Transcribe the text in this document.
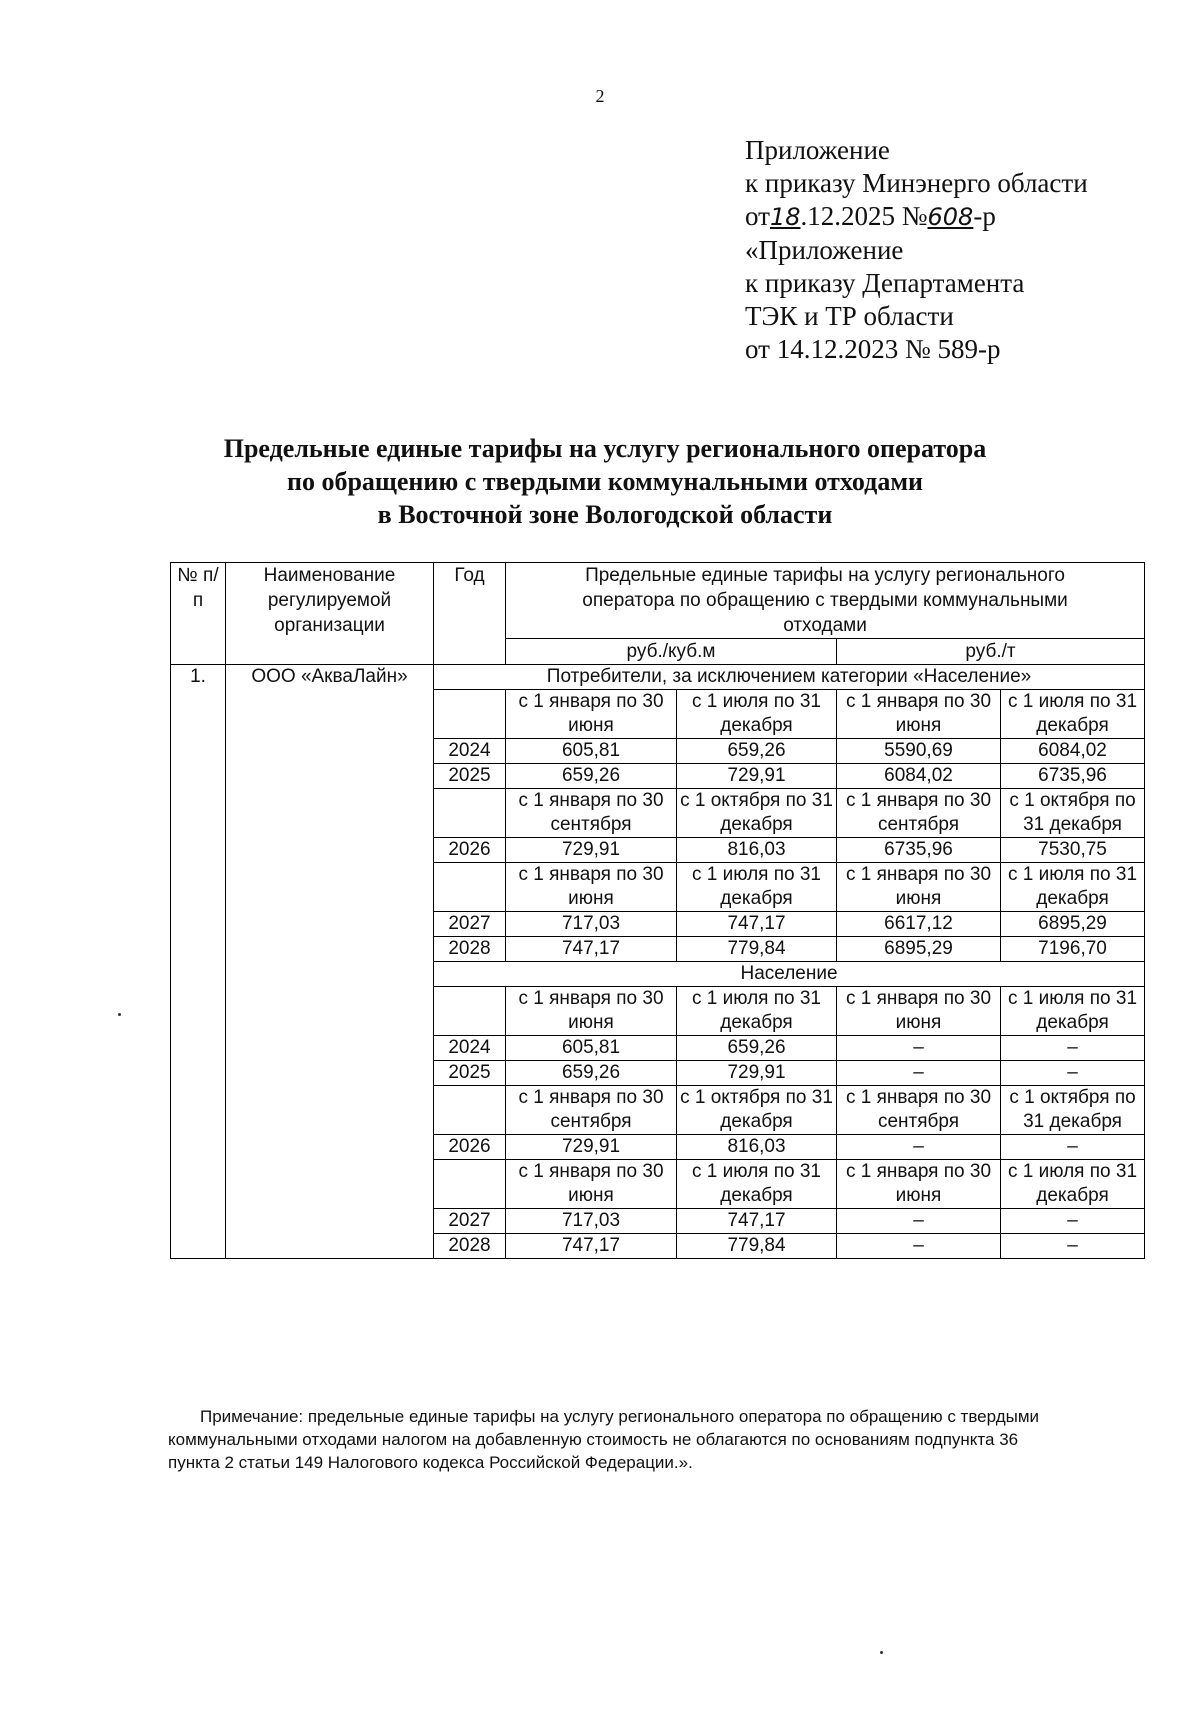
2
Приложение
к приказу Минэнерго области
от18.12.2025 №608-р
«Приложение
к приказу Департамента
ТЭК и ТР области
от 14.12.2023 № 589-р
Предельные единые тарифы на услугу регионального оператора
по обращению с твердыми коммунальными отходами
в Восточной зоне Вологодской области
№ п/п	Наименование регулируемой организации	Год	Предельные единые тарифы на услугу регионального оператора по обращению с твердыми коммунальными отходами			

			руб./куб.м		руб./т	
1.	ООО «АкваЛайн»	Потребители, за исключением категории «Население»				
			с 1 января по 30 июня	с 1 июля по 31 декабря	с 1 января по 30 июня	с 1 июля по 31 декабря
		2024	605,81	659,26	5590,69	6084,02
		2025	659,26	729,91	6084,02	6735,96
			с 1 января по 30 сентября	с 1 октября по 31 декабря	с 1 января по 30 сентября	с 1 октября по 31 декабря
		2026	729,91	816,03	6735,96	7530,75
			с 1 января по 30 июня	с 1 июля по 31 декабря	с 1 января по 30 июня	с 1 июля по 31 декабря
		2027	717,03	747,17	6617,12	6895,29
		2028	747,17	779,84	6895,29	7196,70
		Население				
			с 1 января по 30 июня	с 1 июля по 31 декабря	с 1 января по 30 июня	с 1 июля по 31 декабря
		2024	605,81	659,26	–	–
		2025	659,26	729,91	–	–
			с 1 января по 30 сентября	с 1 октября по 31 декабря	с 1 января по 30 сентября	с 1 октября по 31 декабря
		2026	729,91	816,03	–	–
			с 1 января по 30 июня	с 1 июля по 31 декабря	с 1 января по 30 июня	с 1 июля по 31 декабря
		2027	717,03	747,17	–	–
		2028	747,17	779,84	–	–
Примечание: предельные единые тарифы на услугу регионального оператора по обращению с твердыми
коммунальными отходами налогом на добавленную стоимость не облагаются по основаниям подпункта 36
пункта 2 статьи 149 Налогового кодекса Российской Федерации.».
